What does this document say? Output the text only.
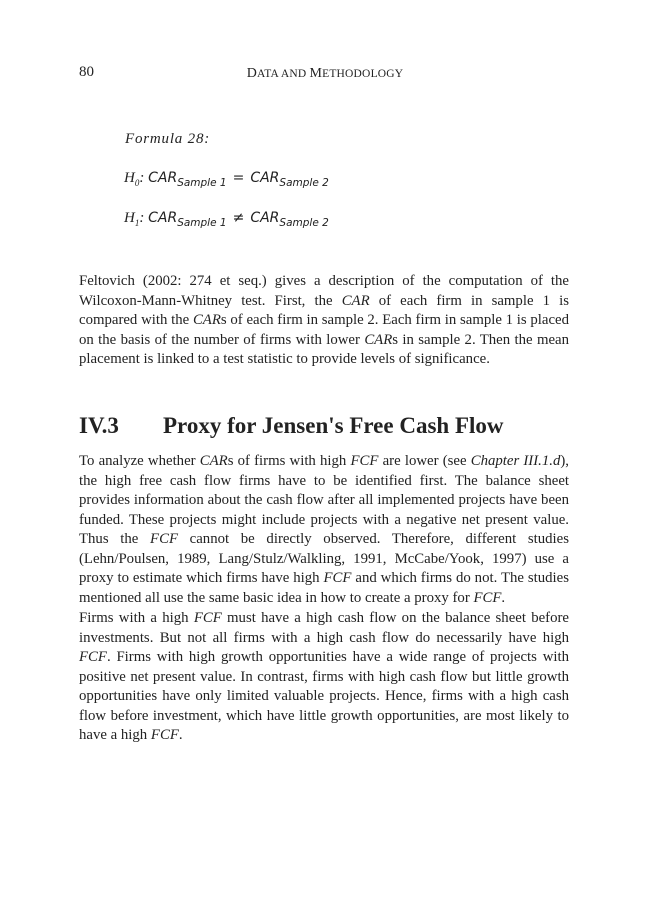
80	DATA AND METHODOLOGY
Formula 28:
$H_0$: $CAR_{Sample 1} = CAR_{Sample 2}$
$H_1$: $CAR_{Sample 1} \ne CAR_{Sample 2}$

Feltovich (2002: 274 et seq.) gives a description of the computation of the Wilcoxon-Mann-Whitney test. First, the CAR of each firm in sample 1 is compared with the CARs of each firm in sample 2. Each firm in sample 1 is placed on the basis of the number of firms with lower CARs in sample 2. Then the mean placement is linked to a test statistic to provide levels of significance.

IV.3 Proxy for Jensen's Free Cash Flow

To analyze whether CARs of firms with high FCF are lower (see Chapter III.1.d), the high free cash flow firms have to be identified first. The balance sheet provides information about the cash flow after all implemented projects have been funded. These projects might include projects with a negative net present value. Thus the FCF cannot be directly observed. Therefore, different studies (Lehn/Poulsen, 1989, Lang/Stulz/Walkling, 1991, McCabe/Yook, 1997) use a proxy to estimate which firms have high FCF and which firms do not. The studies mentioned all use the same basic idea in how to create a proxy for FCF.

Firms with a high FCF must have a high cash flow on the balance sheet before investments. But not all firms with a high cash flow do necessarily have high FCF. Firms with high growth opportunities have a wide range of projects with positive net present value. In contrast, firms with high cash flow but little growth opportunities have only limited valuable projects. Hence, firms with a high cash flow before investment, which have little growth opportunities, are most likely to have a high FCF.
